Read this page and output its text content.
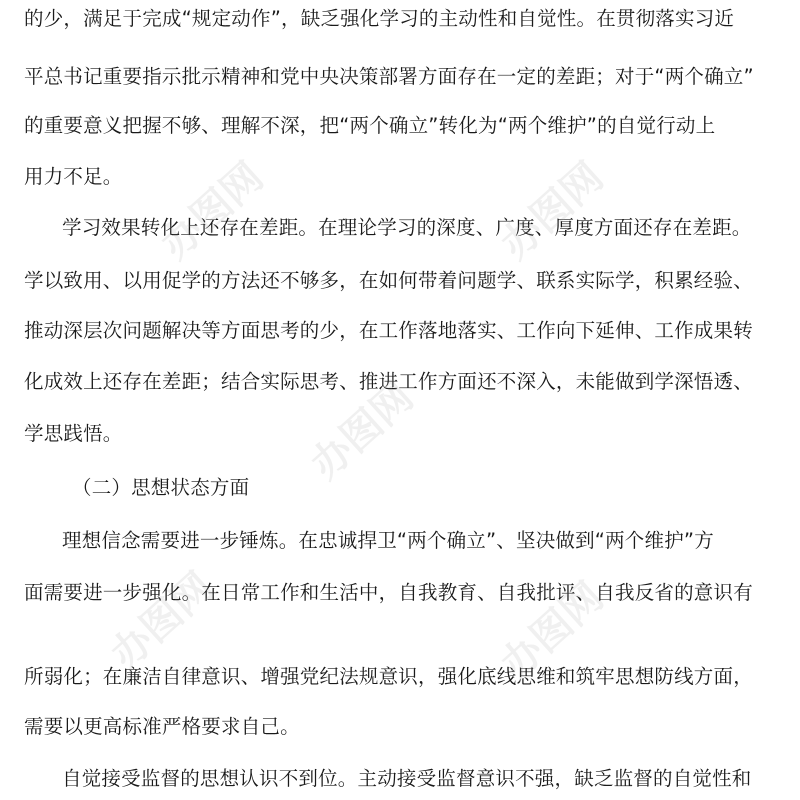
的少，满足于完成“规定动作”，缺乏强化学习的主动性和自觉性。在贯彻落实习近
平总书记重要指示批示精神和党中央决策部署方面存在一定的差距；对于“两个确立”
的重要意义把握不够、理解不深，把“两个确立”转化为“两个维护”的自觉行动上
用力不足。
学习效果转化上还存在差距。在理论学习的深度、广度、厚度方面还存在差距。
学以致用、以用促学的方法还不够多，在如何带着问题学、联系实际学，积累经验、
推动深层次问题解决等方面思考的少，在工作落地落实、工作向下延伸、工作成果转
化成效上还存在差距；结合实际思考、推进工作方面还不深入，未能做到学深悟透、
学思践悟。
（二）思想状态方面
理想信念需要进一步锤炼。在忠诚捍卫“两个确立”、坚决做到“两个维护”方
面需要进一步强化。在日常工作和生活中，自我教育、自我批评、自我反省的意识有
所弱化；在廉洁自律意识、增强党纪法规意识，强化底线思维和筑牢思想防线方面，
需要以更高标准严格要求自己。
自觉接受监督的思想认识不到位。主动接受监督意识不强，缺乏监督的自觉性和
办图网	办图网
办图网
办图网	办图网
